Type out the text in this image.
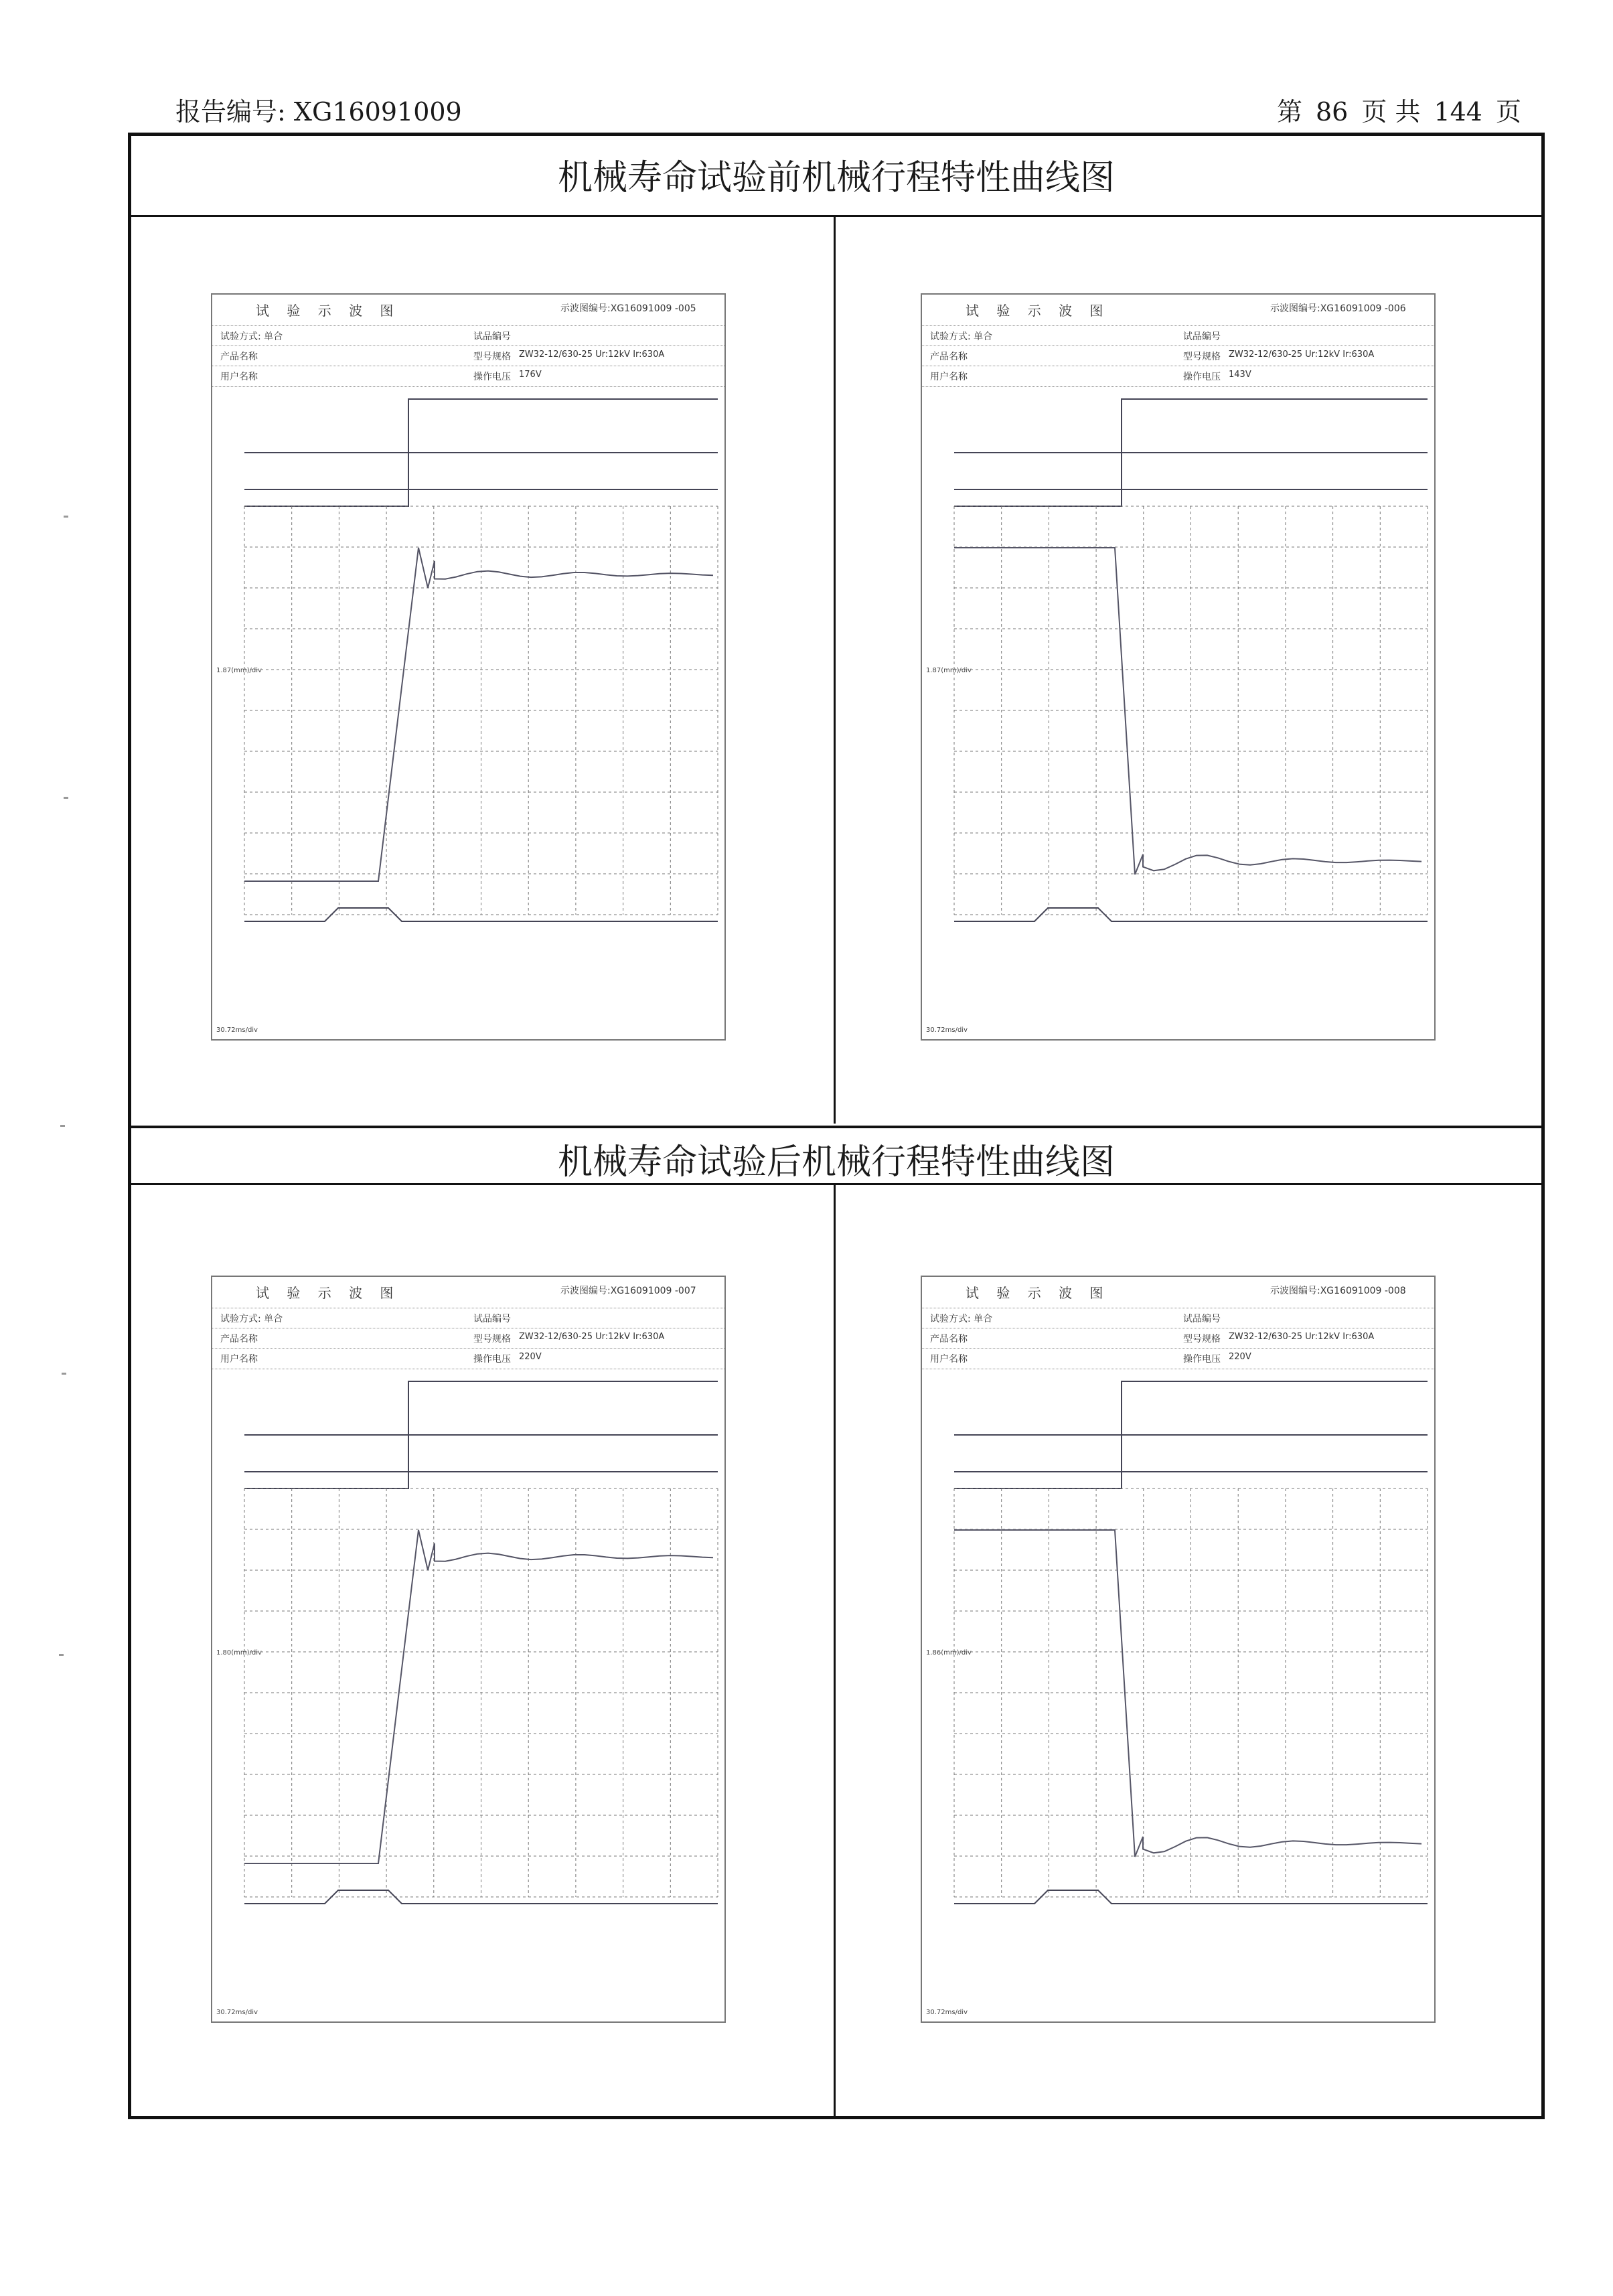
报告编号: XG16091009	第 86 页 共 144 页
机械寿命试验前机械行程特性曲线图
机械寿命试验后机械行程特性曲线图
试 验 示 波 图	示波图编号:XG16091009 -005
试验方式: 单合	试品编号
产品名称	型号规格 ZW32-12/630-25 Ur:12kV Ir:630A
用户名称	操作电压 176V
1.87(mm)/div
30.72ms/div
试 验 示 波 图	示波图编号:XG16091009 -006
试验方式: 单合	试品编号
产品名称	型号规格 ZW32-12/630-25 Ur:12kV Ir:630A
用户名称	操作电压 143V
1.87(mm)/div
30.72ms/div
试 验 示 波 图	示波图编号:XG16091009 -007
试验方式: 单合	试品编号
产品名称	型号规格 ZW32-12/630-25 Ur:12kV Ir:630A
用户名称	操作电压 220V
1.80(mm)/div
30.72ms/div
试 验 示 波 图	示波图编号:XG16091009 -008
试验方式: 单合	试品编号
产品名称	型号规格 ZW32-12/630-25 Ur:12kV Ir:630A
用户名称	操作电压 220V
1.86(mm)/div
30.72ms/div
